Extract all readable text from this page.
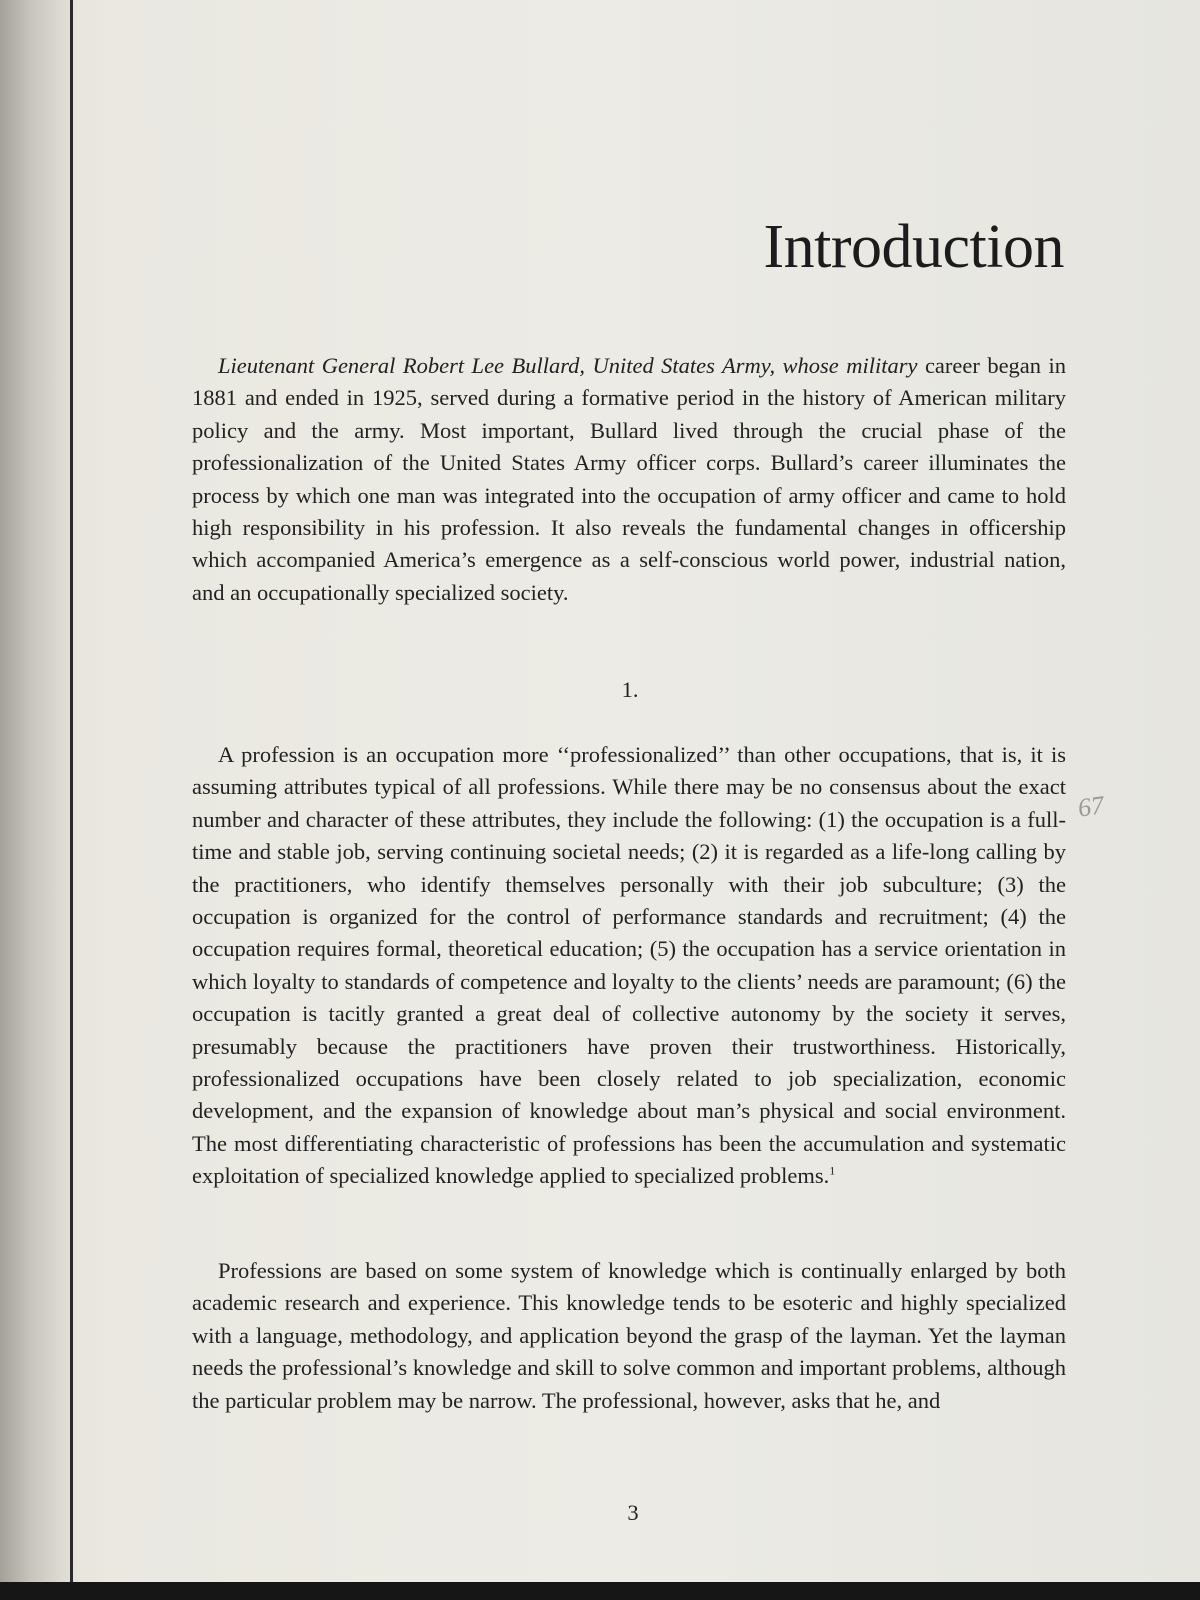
Introduction

Lieutenant General Robert Lee Bullard, United States Army, whose military career began in 1881 and ended in 1925, served during a formative period in the history of American military policy and the army. Most important, Bullard lived through the crucial phase of the professionalization of the United States Army officer corps. Bullard’s career illuminates the process by which one man was integrated into the occupation of army officer and came to hold high responsibility in his profession. It also reveals the fundamental changes in officership which accompanied America’s emergence as a self-conscious world power, industrial nation, and an occupationally specialized society.

1.

A profession is an occupation more ‘‘professionalized’’ than other occupations, that is, it is assuming attributes typical of all professions. While there may be no consensus about the exact number and character of these attributes, they include the following: (1) the occupation is a full-time and stable job, serving continuing societal needs; (2) it is regarded as a life-long calling by the practitioners, who identify themselves personally with their job subculture; (3) the occupation is organized for the control of performance standards and recruitment; (4) the occupation requires formal, theoretical education; (5) the occupation has a service orientation in which loyalty to standards of competence and loyalty to the clients’ needs are paramount; (6) the occupation is tacitly granted a great deal of collective autonomy by the society it serves, presumably because the practitioners have proven their trustworthiness. Historically, professionalized occupations have been closely related to job specialization, economic development, and the expansion of knowledge about man’s physical and social environment. The most differentiating characteristic of professions has been the accumulation and systematic exploitation of specialized knowledge applied to specialized problems.$^1$

Professions are based on some system of knowledge which is continually enlarged by both academic research and experience. This knowledge tends to be esoteric and highly specialized with a language, methodology, and application beyond the grasp of the layman. Yet the layman needs the professional’s knowledge and skill to solve common and important problems, although the particular problem may be narrow. The professional, however, asks that he, and

67
3
